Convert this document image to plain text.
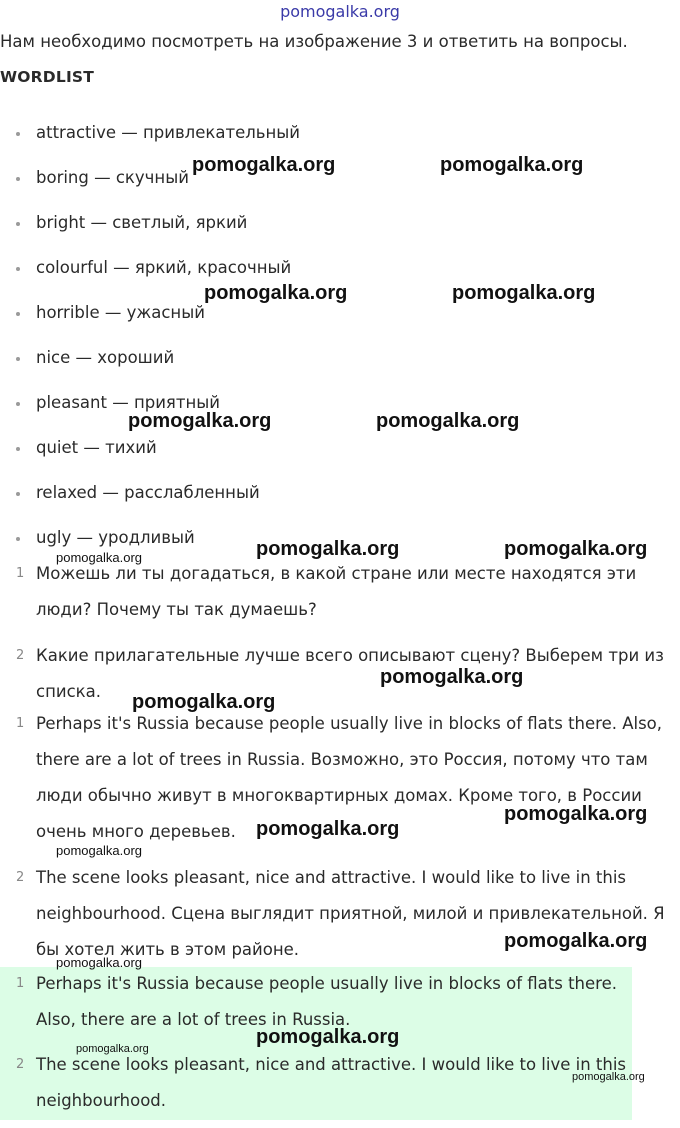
pomogalka.org
Нам необходимо посмотреть на изображение 3 и ответить на вопросы.
WORDLIST
attractive — привлекательный
boring — скучный
bright — светлый, яркий
colourful — яркий, красочный
horrible — ужасный
nice — хороший
pleasant — приятный
quiet — тихий
relaxed — расслабленный
ugly — уродливый
1 Можешь ли ты догадаться, в какой стране или месте находятся эти люди? Почему ты так думаешь?
2 Какие прилагательные лучше всего описывают сцену? Выберем три из списка.
1 Perhaps it's Russia because people usually live in blocks of flats there. Also, there are a lot of trees in Russia. Возможно, это Россия, потому что там люди обычно живут в многоквартирных домах. Кроме того, в России очень много деревьев.
2 The scene looks pleasant, nice and attractive. I would like to live in this neighbourhood. Сцена выглядит приятной, милой и привлекательной. Я бы хотел жить в этом районе.
1 Perhaps it's Russia because people usually live in blocks of flats there. Also, there are a lot of trees in Russia.
2 The scene looks pleasant, nice and attractive. I would like to live in this neighbourhood.
pomogalka.org	pomogalka.org
pomogalka.org	pomogalka.org
pomogalka.org	pomogalka.org
pomogalka.org	pomogalka.org
pomogalka.org
pomogalka.org
pomogalka.org
pomogalka.org
pomogalka.org
pomogalka.org
pomogalka.org
pomogalka.org
pomogalka.org
pomogalka.org
pomogalka.org
